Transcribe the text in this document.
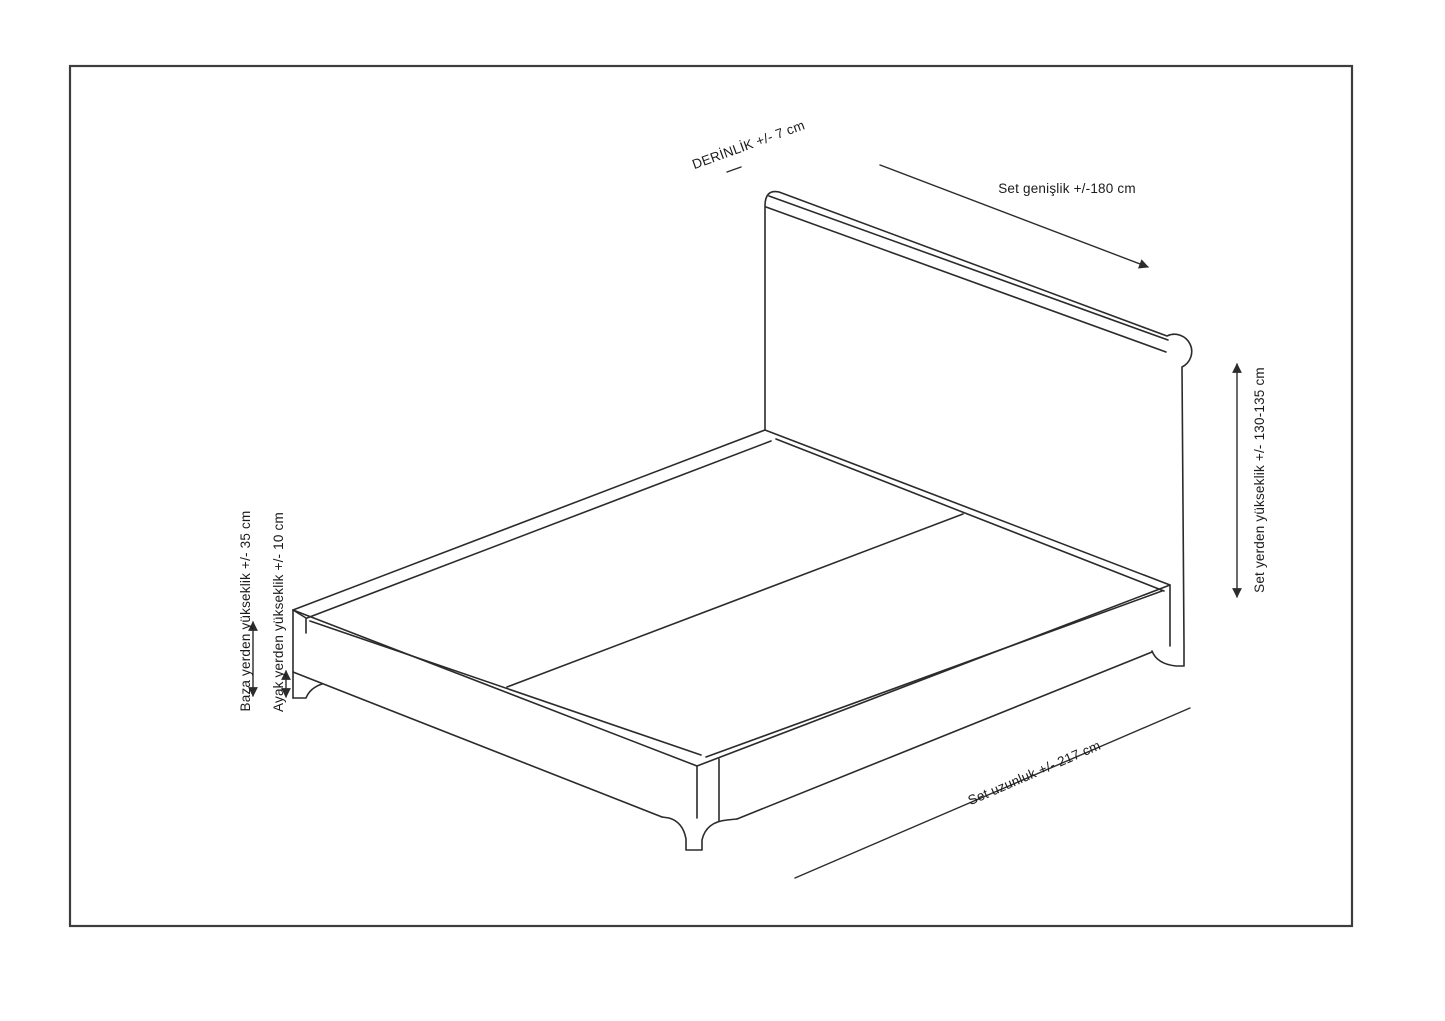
DERİNLİK +/- 7 cm
Set genişlik +/-180 cm
Set yerden yükseklik +/- 130-135 cm
Baza yerden yükseklik +/- 35 cm Ayak yerden yükseklik +/- 10 cm
Set uzunluk +/- 217 cm
